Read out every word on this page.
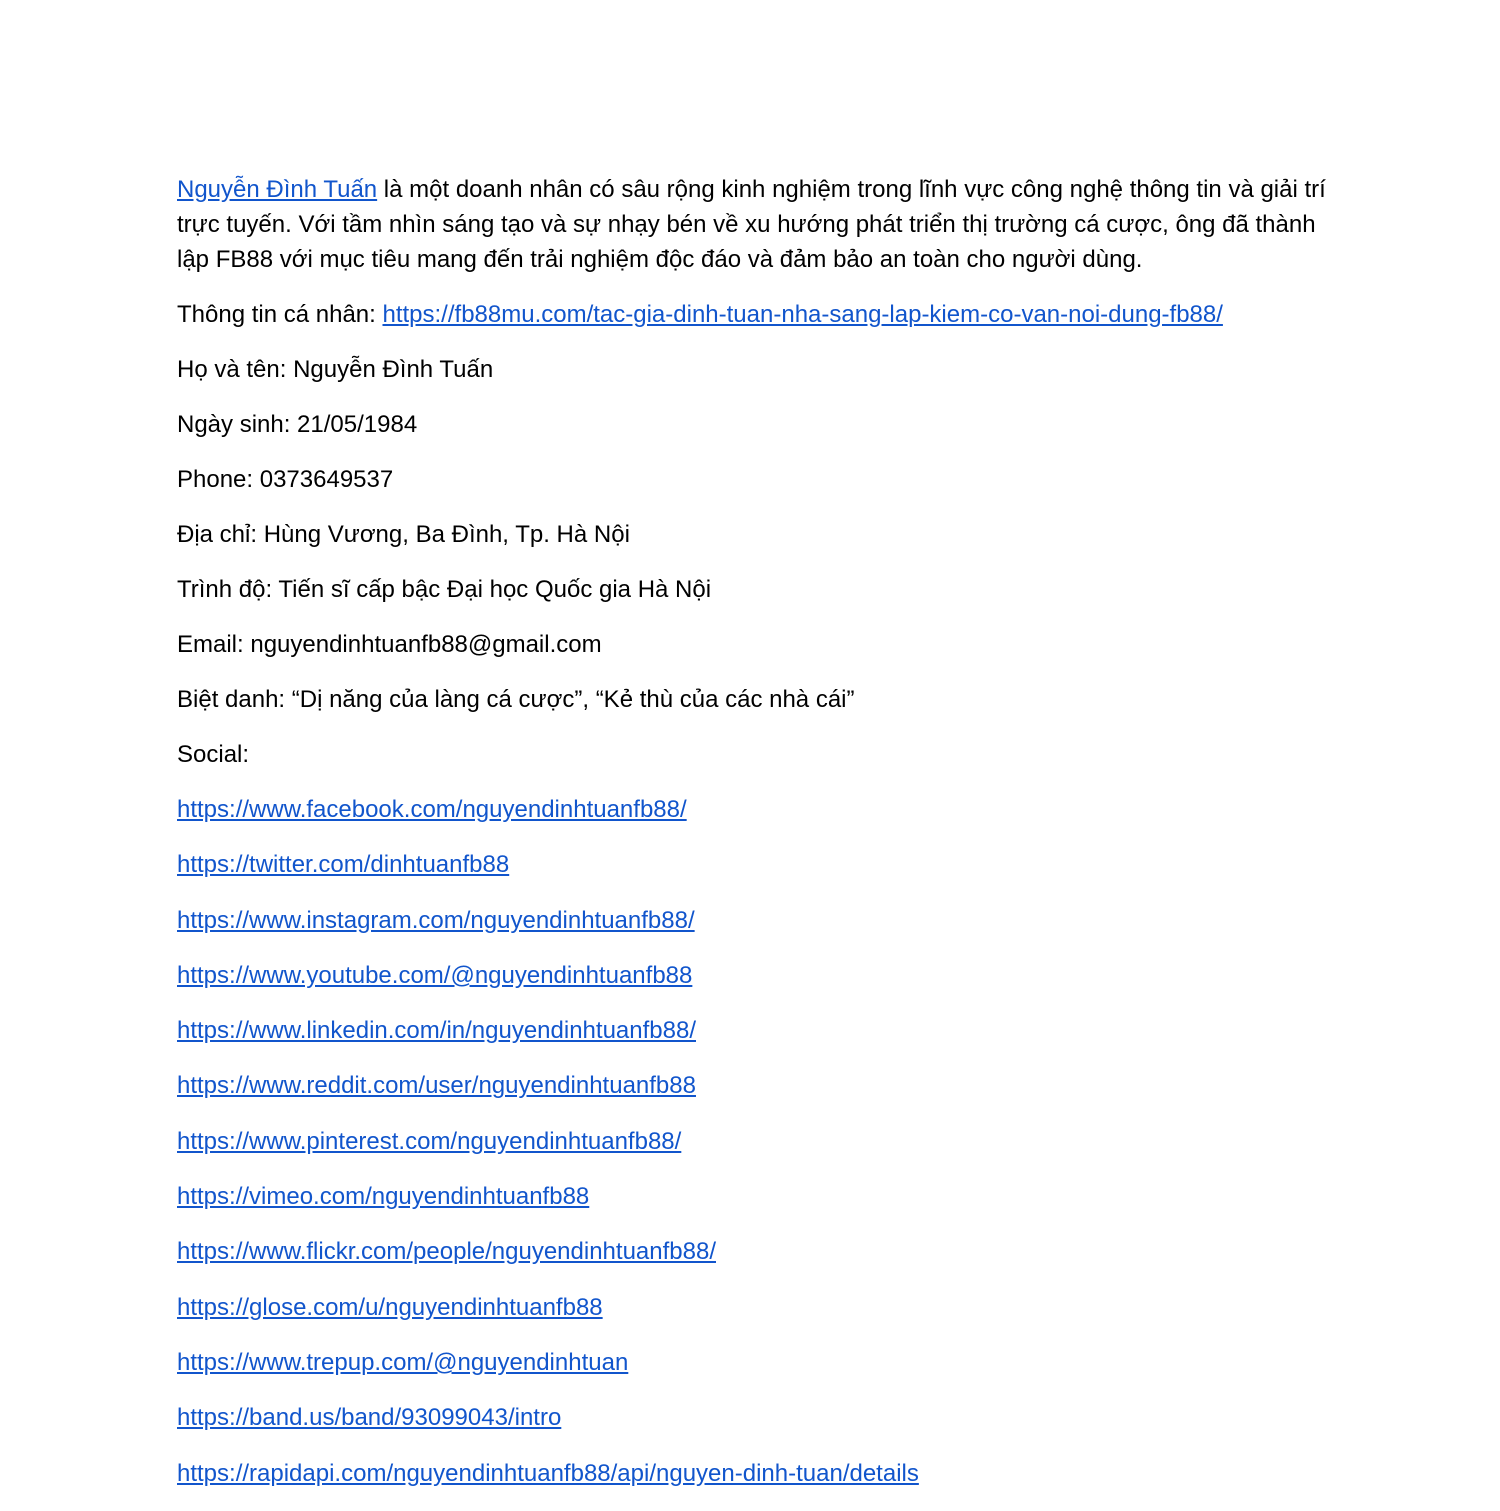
Nguyễn Đình Tuấn là một doanh nhân có sâu rộng kinh nghiệm trong lĩnh vực công nghệ thông tin và giải trí trực tuyến. Với tầm nhìn sáng tạo và sự nhạy bén về xu hướng phát triển thị trường cá cược, ông đã thành lập FB88 với mục tiêu mang đến trải nghiệm độc đáo và đảm bảo an toàn cho người dùng.

Thông tin cá nhân: https://fb88mu.com/tac-gia-dinh-tuan-nha-sang-lap-kiem-co-van-noi-dung-fb88/
Họ và tên: Nguyễn Đình Tuấn
Ngày sinh: 21/05/1984
Phone: 0373649537
Địa chỉ: Hùng Vương, Ba Đình, Tp. Hà Nội
Trình độ: Tiến sĩ cấp bậc Đại học Quốc gia Hà Nội
Email: nguyendinhtuanfb88@gmail.com
Biệt danh: “Dị năng của làng cá cược”, “Kẻ thù của các nhà cái”
Social:
https://www.facebook.com/nguyendinhtuanfb88/
https://twitter.com/dinhtuanfb88
https://www.instagram.com/nguyendinhtuanfb88/
https://www.youtube.com/@nguyendinhtuanfb88
https://www.linkedin.com/in/nguyendinhtuanfb88/
https://www.reddit.com/user/nguyendinhtuanfb88
https://www.pinterest.com/nguyendinhtuanfb88/
https://vimeo.com/nguyendinhtuanfb88
https://www.flickr.com/people/nguyendinhtuanfb88/
https://glose.com/u/nguyendinhtuanfb88
https://www.trepup.com/@nguyendinhtuan
https://band.us/band/93099043/intro
https://rapidapi.com/nguyendinhtuanfb88/api/nguyen-dinh-tuan/details
